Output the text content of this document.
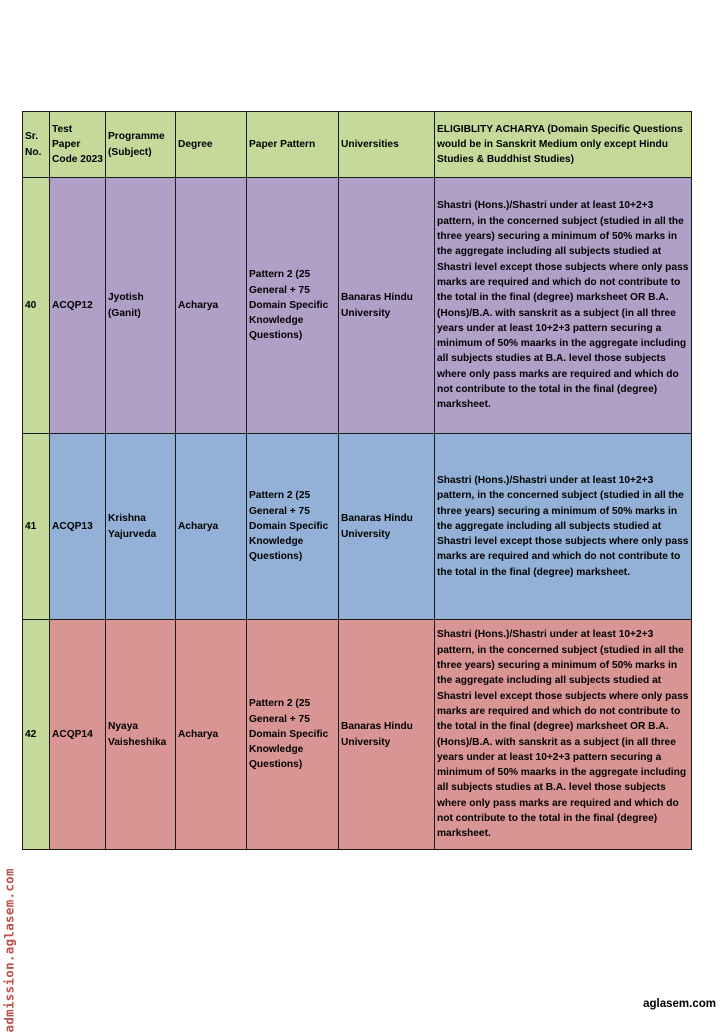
Sr. No.	Test Paper Code 2023	Programme (Subject)	Degree	Paper Pattern	Universities	ELIGIBLITY ACHARYA (Domain Specific Questions would be in Sanskrit Medium only except Hindu Studies & Buddhist Studies)
40	ACQP12	Jyotish (Ganit)	Acharya	Pattern 2 (25 General + 75 Domain Specific Knowledge Questions)	Banaras Hindu University	Shastri (Hons.)/Shastri under at least 10+2+3 pattern, in the concerned subject (studied in all the three years) securing a minimum of 50% marks in the aggregate including all subjects studied at Shastri level except those subjects where only pass marks are required and which do not contribute to the total in the final (degree) marksheet OR B.A. (Hons)/B.A. with sanskrit as a subject (in all three years under at least 10+2+3 pattern securing a minimum of 50% maarks in the aggregate including all subjects studies at B.A. level those subjects where only pass marks are required and which do not contribute to the total in the final (degree) marksheet.
41	ACQP13	Krishna Yajurveda	Acharya	Pattern 2 (25 General + 75 Domain Specific Knowledge Questions)	Banaras Hindu University	Shastri (Hons.)/Shastri under at least 10+2+3 pattern, in the concerned subject (studied in all the three years) securing a minimum of 50% marks in the aggregate including all subjects studied at Shastri level except those subjects where only pass marks are required and which do not contribute to the total in the final (degree) marksheet.
42	ACQP14	Nyaya Vaisheshika	Acharya	Pattern 2 (25 General + 75 Domain Specific Knowledge Questions)	Banaras Hindu University	Shastri (Hons.)/Shastri under at least 10+2+3 pattern, in the concerned subject (studied in all the three years) securing a minimum of 50% marks in the aggregate including all subjects studied at Shastri level except those subjects where only pass marks are required and which do not contribute to the total in the final (degree) marksheet OR B.A. (Hons)/B.A. with sanskrit as a subject (in all three years under at least 10+2+3 pattern securing a minimum of 50% maarks in the aggregate including all subjects studies at B.A. level those subjects where only pass marks are required and which do not contribute to the total in the final (degree) marksheet.
admission.aglasem.com	aglasem.com
